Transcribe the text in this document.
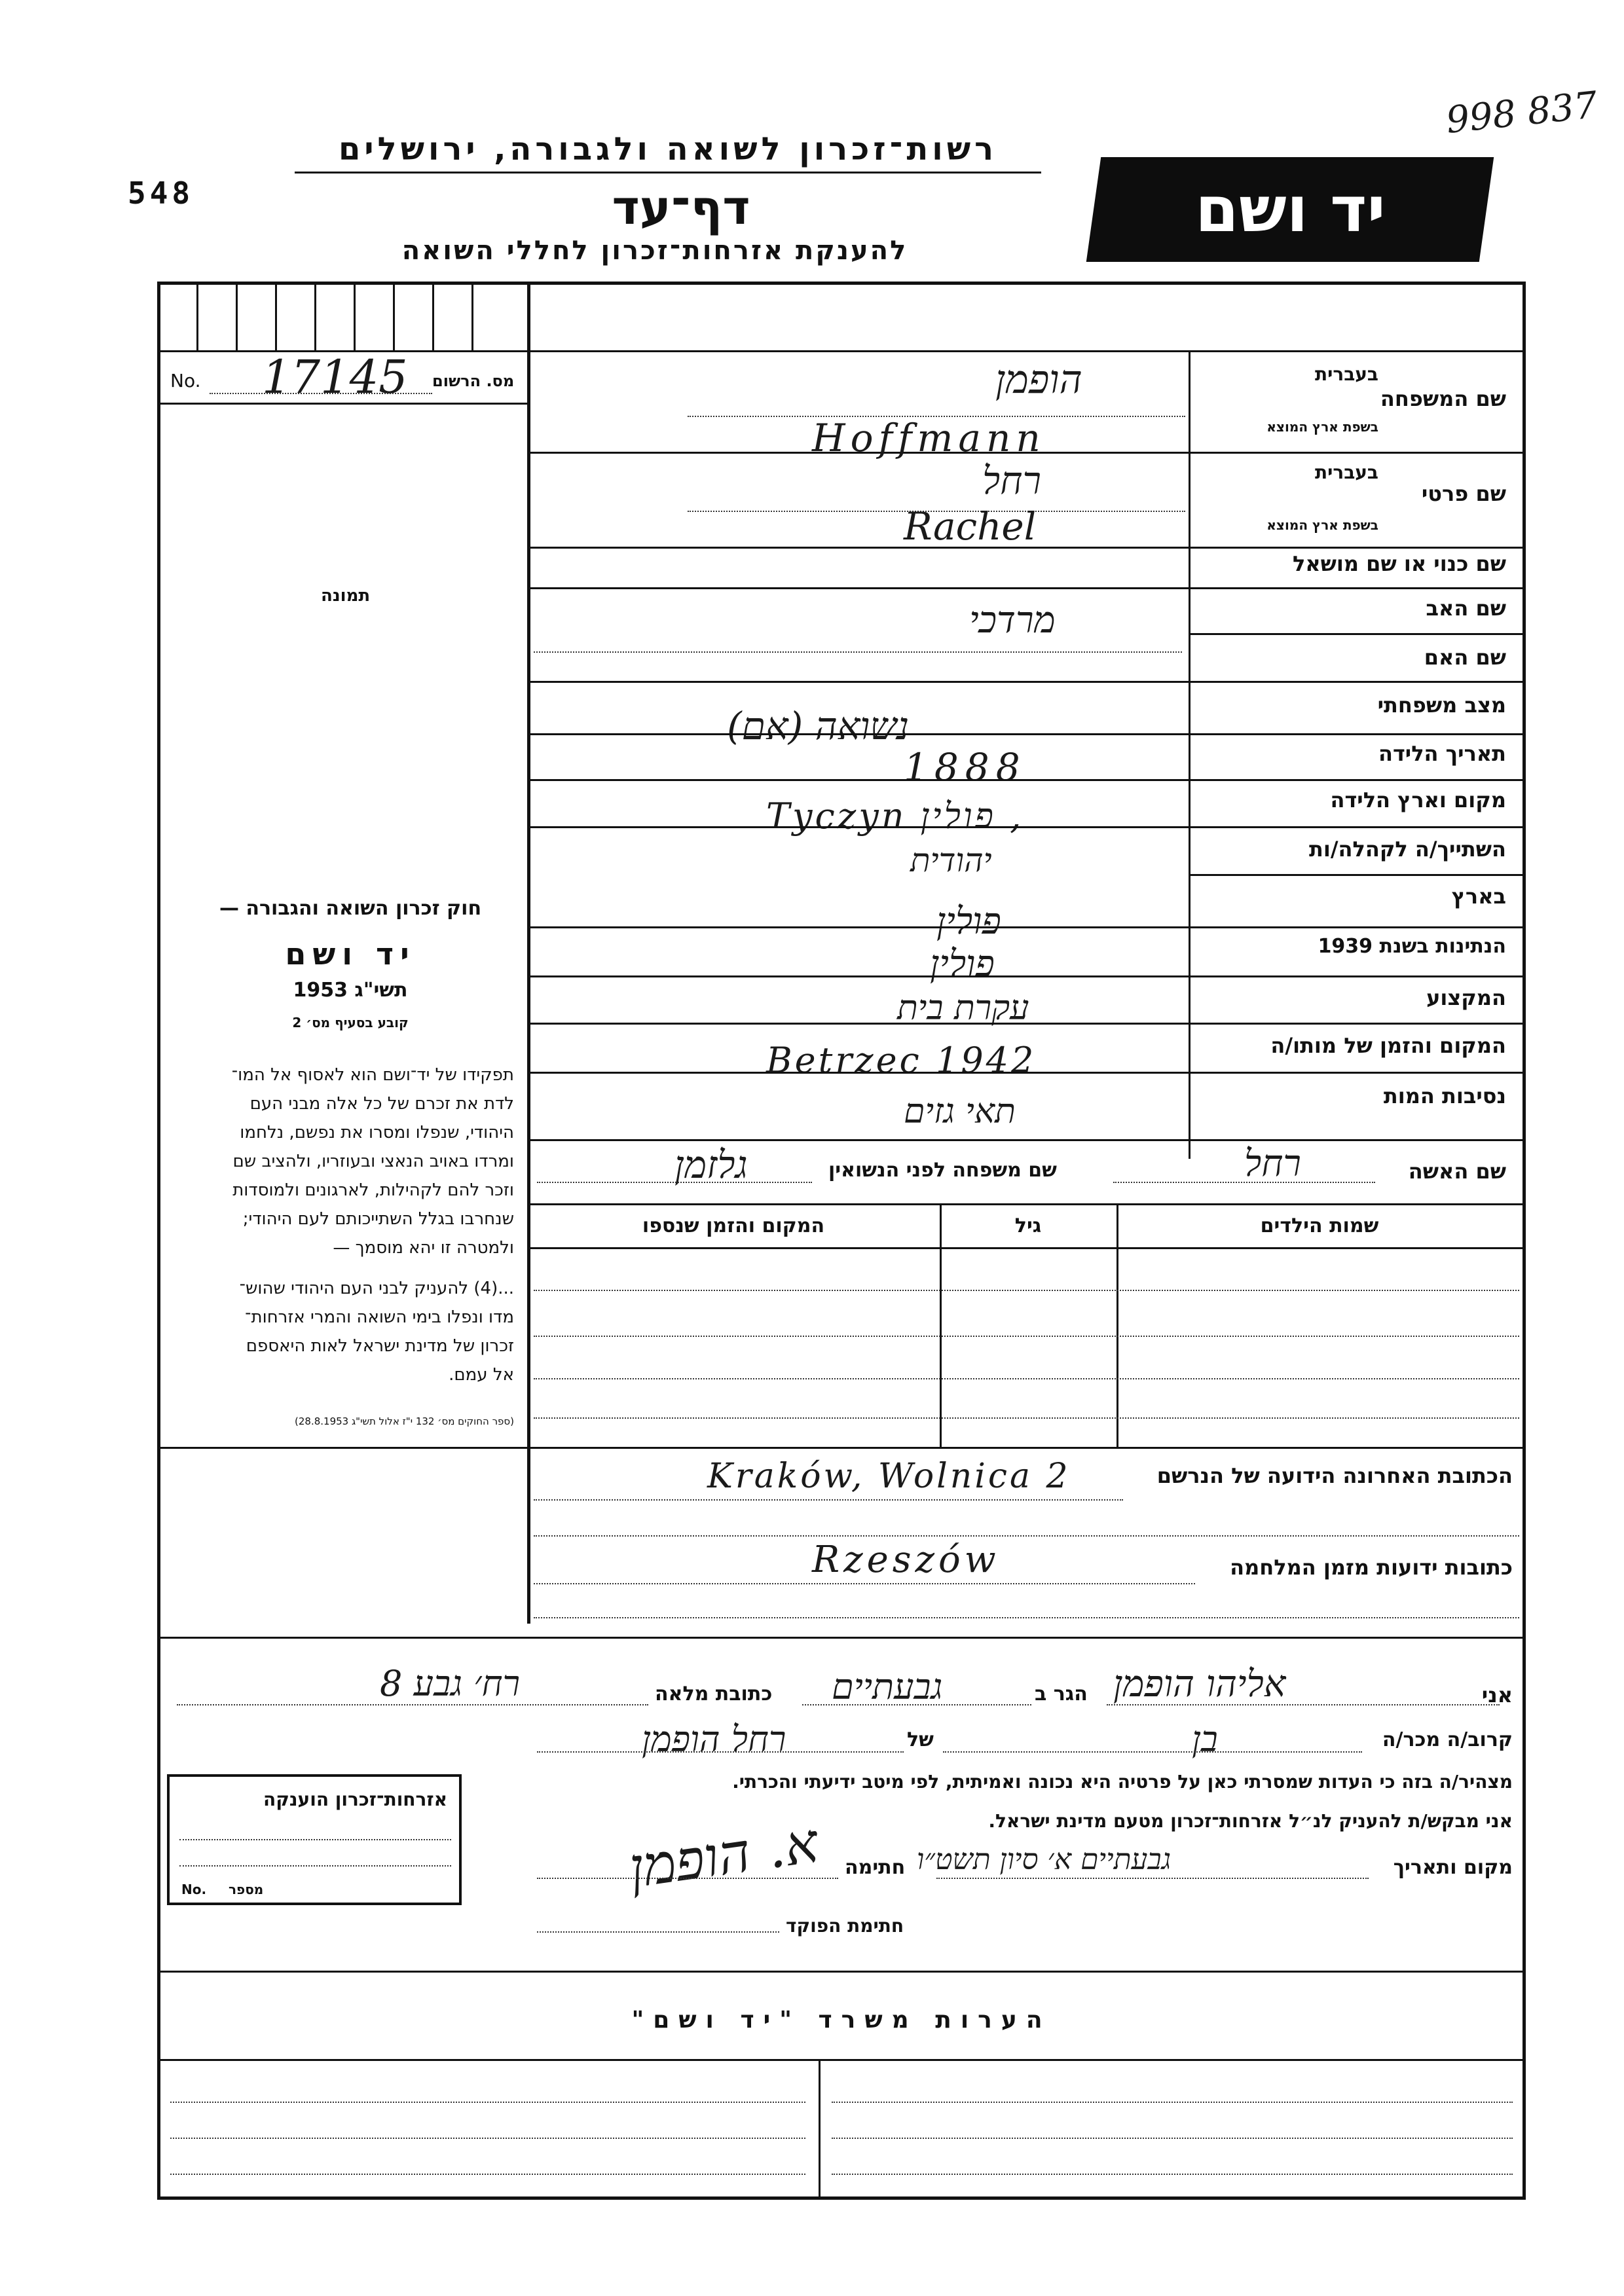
998 837
548
רשות־זכרון לשואה ולגבורה, ירושלים
דף־עד
להענקת אזרחות־זכרון לחללי השואה
יד ושם
No. 17145 מס. הרשום
תמונה
חוק זכרון השואה והגבורה —
יד ושם
תשי"ג 1953
קובע בסעיף מס׳ 2
תפקידו של יד־ושם הוא לאסוף אל המו־
לדת את זכרם של כל אלה מבני העם
היהודי, שנפלו ומסרו את נפשם, נלחמו
ומרדו באויב הנאצי ובעוזריו, ולהציב שם
וזכר להם לקהילות, לארגונים ולמוסדות
שנחרבו בגלל השתייכותם לעם היהודי;
ולמטרה זו יהא מוסמך —
...(4) להעניק לבני העם היהודי שהוש־
מדו ונפלו בימי השואה והמרי אזרחות־
זכרון של מדינת ישראל לאות היאספם
אל עמם.
(ספר החוקים מס׳ 132 י"ז אלול תשי"ג 28.8.1953)
שם המשפחה
בעברית
בשפת ארץ המוצא
הופמן
Hoffmann
שם פרטי
בעברית
בשפת ארץ המוצא
רחל
Rachel
שם כנוי או שם מושאל
שם האב
מרדכי
שם האם
מצב משפחתי
נשואה (אם)
תאריך הלידה
1888
מקום וארץ הלידה
Tyczyn פולין ,
השתייך/ה לקהלה/ות
יהודית
בארץ
פולין
הנתינות בשנת 1939
פולין
המקצוע
עקרת בית
המקום והזמן של מותו/ה
Betrzec 1942
נסיבות המות
תאי גזים
שם האשה
רחל
שם משפחה לפני הנשואין
גלזמן
שמות הילדים
גיל
המקום והזמן שנספו
הכתובת האחרונה הידועה של הנרשם
Kraków, Wolnica 2
כתובות ידועות מזמן המלחמה
Rzeszów
אני
אליהו הופמן
הגר ב
גבעתיים
כתובת מלאה
רח׳ גבע 8
קרוב/ה מכר/ה
בן
של
רחל הופמן
מצהיר/ה בזה כי העדות שמסרתי כאן על פרטיה היא נכונה ואמיתית, לפי מיטב ידיעתי והכרתי.
אני מבקש/ת להעניק לנ״ל אזרחות־זכרון מטעם מדינת ישראל.
מקום ותאריך
גבעתיים א׳ סיון תשט״ו
חתימה
א. הופמן
חתימת הפוקד
אזרחות־זכרון הוענקה
No. מספר
הערות משרד "יד ושם"
